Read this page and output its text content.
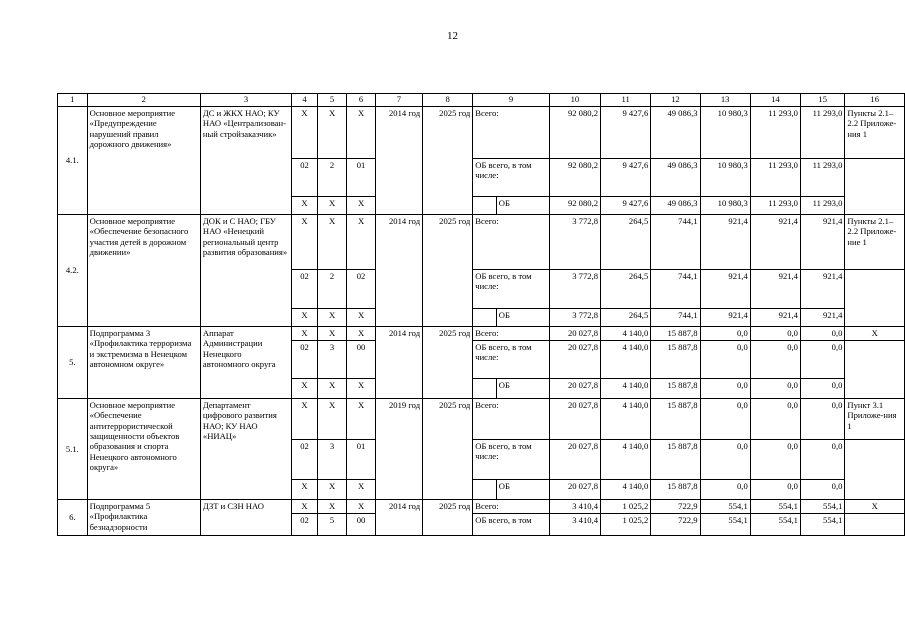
12
1	2	3	4	5	6	7	8	9		10	11	12	13	14	15	16
4.1.	Основное мероприятие «Предупреждение нарушений правил дорожного движения»	ДС и ЖКХ НАО; КУ НАО «Централизован-ный стройзаказчик»	Х	Х	Х	2014 год	2025 год	Всего:		92 080,2	9 427,6	49 086,3	10 980,3	11 293,0	11 293,0	Пункты 2.1–2.2 Приложе-ния 1
			02	2	01			ОБ всего, в том числе:		92 080,2	9 427,6	49 086,3	10 980,3	11 293,0	11 293,0	
			Х	Х	Х				ОБ	92 080,2	9 427,6	49 086,3	10 980,3	11 293,0	11 293,0	
4.2.	Основное мероприятие «Обеспечение безопасного участия детей в дорожном движении»	ДОК и С НАО; ГБУ НАО «Ненецкий региональный центр развития образования»	Х	Х	Х	2014 год	2025 год	Всего:		3 772,8	264,5	744,1	921,4	921,4	921,4	Пункты 2.1–2.2 Приложе-ние 1
			02	2	02			ОБ всего, в том числе:		3 772,8	264,5	744,1	921,4	921,4	921,4	
			Х	Х	Х				ОБ	3 772,8	264,5	744,1	921,4	921,4	921,4	
5.	Подпрограмма 3 «Профилактика терроризма и экстремизма в Ненецком автономном округе»	Аппарат Администрации Ненецкого автономного округа	Х	Х	Х	2014 год	2025 год	Всего:		20 027,8	4 140,0	15 887,8	0,0	0,0	0,0	Х
			02	3	00			ОБ всего, в том числе:		20 027,8	4 140,0	15 887,8	0,0	0,0	0,0	
			Х	Х	Х				ОБ	20 027,8	4 140,0	15 887,8	0,0	0,0	0,0	
5.1.	Основное мероприятие «Обеспечение антитеррористической защищенности объектов образования и спорта Ненецкого автономного округа»	Департамент цифрового развития НАО; КУ НАО «НИАЦ»	Х	Х	Х	2019 год	2025 год	Всего:		20 027,8	4 140,0	15 887,8	0,0	0,0	0,0	Пункт 3.1 Приложе-ния 1
			02	3	01			ОБ всего, в том числе:		20 027,8	4 140,0	15 887,8	0,0	0,0	0,0	
			Х	Х	Х				ОБ	20 027,8	4 140,0	15 887,8	0,0	0,0	0,0	
6.	Подпрограмма 5 «Профилактика безнадзорности	ДЗТ и СЗН НАО	Х	Х	Х	2014 год	2025 год	Всего:		3 410,4	1 025,2	722,9	554,1	554,1	554,1	Х
			02	5	00			ОБ всего, в том		3 410,4	1 025,2	722,9	554,1	554,1	554,1	
